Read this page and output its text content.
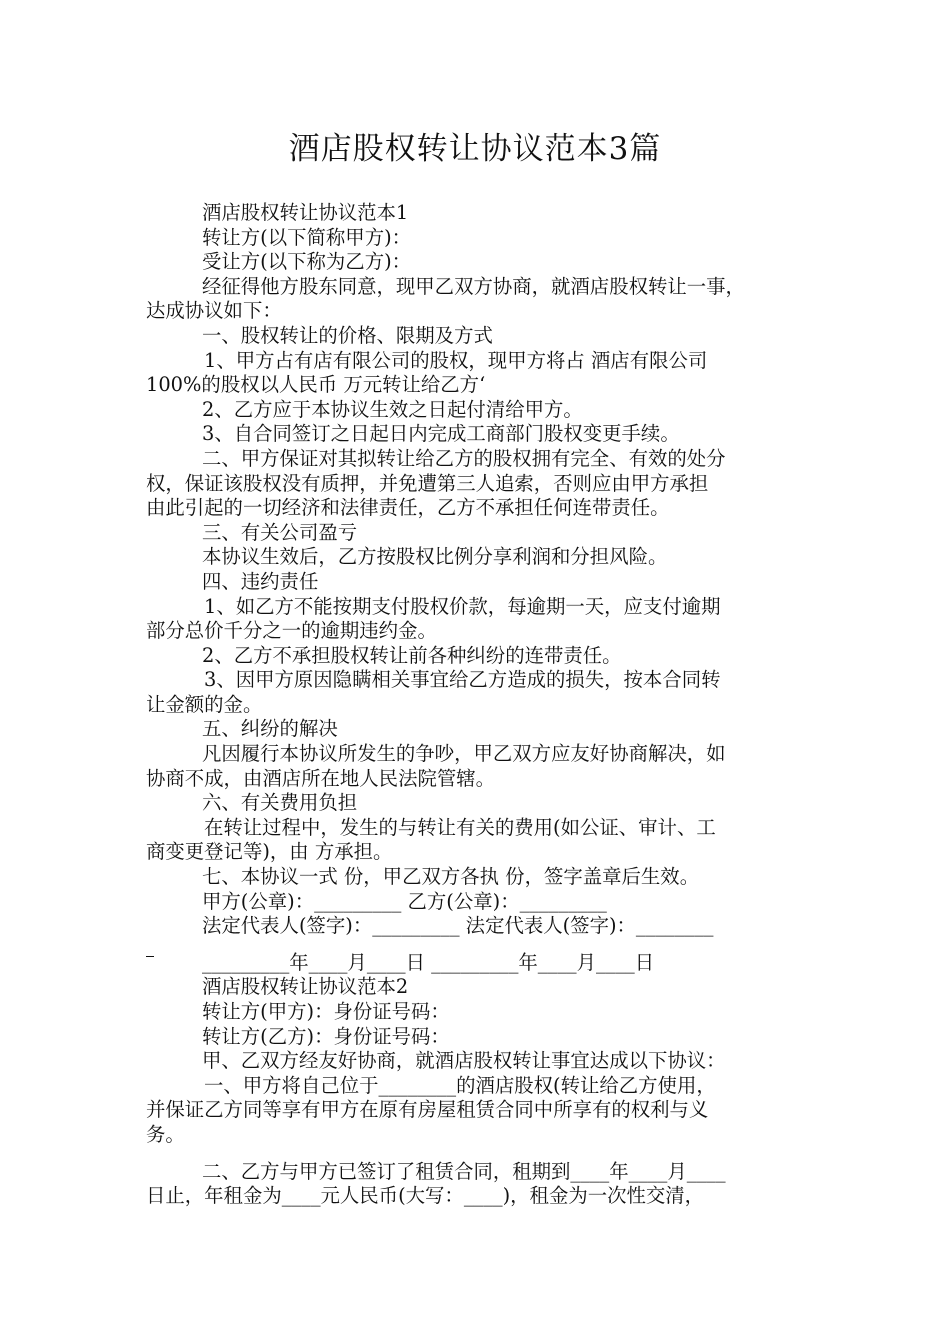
酒店股权转让协议范本3篇
酒店股权转让协议范本1
转让方(以下简称甲方)：
受让方(以下称为乙方)：
经征得他方股东同意，现甲乙双方协商，就酒店股权转让一事，
达成协议如下：
一、股权转让的价格、限期及方式
1、甲方占有店有限公司的股权，现甲方将占 酒店有限公司
100%的股权以人民币 万元转让给乙方‘
2、乙方应于本协议生效之日起付清给甲方。
3、自合同签订之日起日内完成工商部门股权变更手续。
二、甲方保证对其拟转让给乙方的股权拥有完全、有效的处分
权，保证该股权没有质押，并免遭第三人追索，否则应由甲方承担
由此引起的一切经济和法律责任，乙方不承担任何连带责任。
三、有关公司盈亏
本协议生效后，乙方按股权比例分享利润和分担风险。
四、违约责任
1、如乙方不能按期支付股权价款，每逾期一天，应支付逾期
部分总价千分之一的逾期违约金。
2、乙方不承担股权转让前各种纠纷的连带责任。
3、因甲方原因隐瞒相关事宜给乙方造成的损失，按本合同转
让金额的金。
五、纠纷的解决
凡因履行本协议所发生的争吵，甲乙双方应友好协商解决，如
协商不成，由酒店所在地人民法院管辖。
六、有关费用负担
在转让过程中，发生的与转让有关的费用(如公证、审计、工
商变更登记等)，由 方承担。
七、本协议一式 份，甲乙双方各执 份，签字盖章后生效。
甲方(公章)：_________ 乙方(公章)：_________
法定代表人(签字)：_________ 法定代表人(签字)：________
_________年____月____日 _________年____月____日
酒店股权转让协议范本2
转让方(甲方)：身份证号码：
转让方(乙方)：身份证号码：
甲、乙双方经友好协商，就酒店股权转让事宜达成以下协议：
一、甲方将自己位于________的酒店股权(转让给乙方使用，
并保证乙方同等享有甲方在原有房屋租赁合同中所享有的权利与义
务。
二、乙方与甲方已签订了租赁合同，租期到____年____月____
日止，年租金为____元人民币(大写：____)，租金为一次性交清，
